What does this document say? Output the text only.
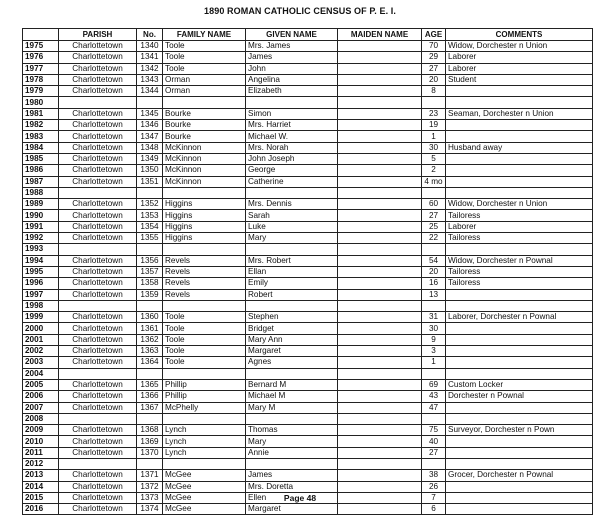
1890 ROMAN CATHOLIC CENSUS OF P. E. I.
	PARISH	No.	FAMILY NAME	GIVEN NAME	MAIDEN NAME	AGE	COMMENTS
1975	Charlottetown	1340	Toole	Mrs. James		70	Widow, Dorchester n Union
1976	Charlottetown	1341	Toole	James		29	Laborer
1977	Charlottetown	1342	Toole	John		27	Laborer
1978	Charlottetown	1343	Orman	Angelina		20	Student
1979	Charlottetown	1344	Orman	Elizabeth		8	
1980							
1981	Charlottetown	1345	Bourke	Simon		23	Seaman, Dorchester n Union
1982	Charlottetown	1346	Bourke	Mrs. Harriet		19	
1983	Charlottetown	1347	Bourke	Michael W.		1	
1984	Charlottetown	1348	McKinnon	Mrs. Norah		30	Husband away
1985	Charlottetown	1349	McKinnon	John Joseph		5	
1986	Charlottetown	1350	McKinnon	George		2	
1987	Charlottetown	1351	McKinnon	Catherine		4 mo	
1988							
1989	Charlottetown	1352	Higgins	Mrs. Dennis		60	Widow, Dorchester n Union
1990	Charlottetown	1353	Higgins	Sarah		27	Tailoress
1991	Charlottetown	1354	Higgins	Luke		25	Laborer
1992	Charlottetown	1355	Higgins	Mary		22	Tailoress
1993							
1994	Charlottetown	1356	Revels	Mrs. Robert		54	Widow, Dorchester n Pownal
1995	Charlottetown	1357	Revels	Ellan		20	Tailoress
1996	Charlottetown	1358	Revels	Emily		16	Tailoress
1997	Charlottetown	1359	Revels	Robert		13	
1998							
1999	Charlottetown	1360	Toole	Stephen		31	Laborer, Dorchester n Pownal
2000	Charlottetown	1361	Toole	Bridget		30	
2001	Charlottetown	1362	Toole	Mary Ann		9	
2002	Charlottetown	1363	Toole	Margaret		3	
2003	Charlottetown	1364	Toole	Agnes		1	
2004							
2005	Charlottetown	1365	Phillip	Bernard M		69	Custom Locker
2006	Charlottetown	1366	Phillip	Michael M		43	Dorchester n Pownal
2007	Charlottetown	1367	McPhelly	Mary M		47	
2008							
2009	Charlottetown	1368	Lynch	Thomas		75	Surveyor, Dorchester n Pown
2010	Charlottetown	1369	Lynch	Mary		40	
2011	Charlottetown	1370	Lynch	Annie		27	
2012							
2013	Charlottetown	1371	McGee	James		38	Grocer, Dorchester n Pownal
2014	Charlottetown	1372	McGee	Mrs. Doretta		26	
2015	Charlottetown	1373	McGee	Ellen		7	
2016	Charlottetown	1374	McGee	Margaret		6	
Page 48
